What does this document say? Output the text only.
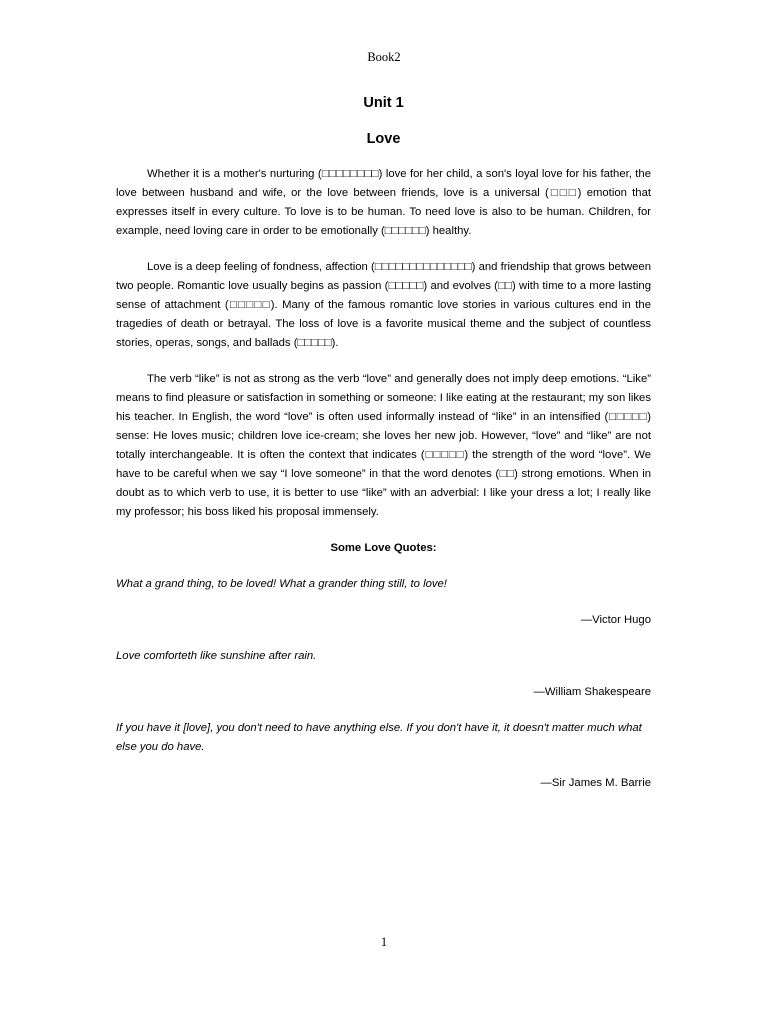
Book2
Unit 1
Love

Whether it is a mother's nurturing (□□□□□□□□) love for her child, a son's loyal love for his father, the love between husband and wife, or the love between friends, love is a universal (□□□) emotion that expresses itself in every culture. To love is to be human. To need love is also to be human. Children, for example, need loving care in order to be emotionally (□□□□□□) healthy.

Love is a deep feeling of fondness, affection (□□□□□□□□□□□□□□) and friendship that grows between two people. Romantic love usually begins as passion (□□□□□) and evolves (□□) with time to a more lasting sense of attachment (□□□□□). Many of the famous romantic love stories in various cultures end in the tragedies of death or betrayal. The loss of love is a favorite musical theme and the subject of countless stories, operas, songs, and ballads (□□□□□).

The verb “like” is not as strong as the verb “love” and generally does not imply deep emotions. “Like” means to find pleasure or satisfaction in something or someone: I like eating at the restaurant; my son likes his teacher. In English, the word “love” is often used informally instead of “like” in an intensified (□□□□□) sense: He loves music; children love ice-cream; she loves her new job. However, “love” and “like” are not totally interchangeable. It is often the context that indicates (□□□□□) the strength of the word “love”. We have to be careful when we say “I love someone” in that the word denotes (□□) strong emotions. When in doubt as to which verb to use, it is better to use “like” with an adverbial: I like your dress a lot; I really like my professor; his boss liked his proposal immensely.

Some Love Quotes:

What a grand thing, to be loved! What a grander thing still, to love!

—Victor Hugo

Love comforteth like sunshine after rain.

—William Shakespeare

If you have it [love], you don't need to have anything else. If you don't have it, it doesn't matter much what else you do have.

—Sir James M. Barrie

1
